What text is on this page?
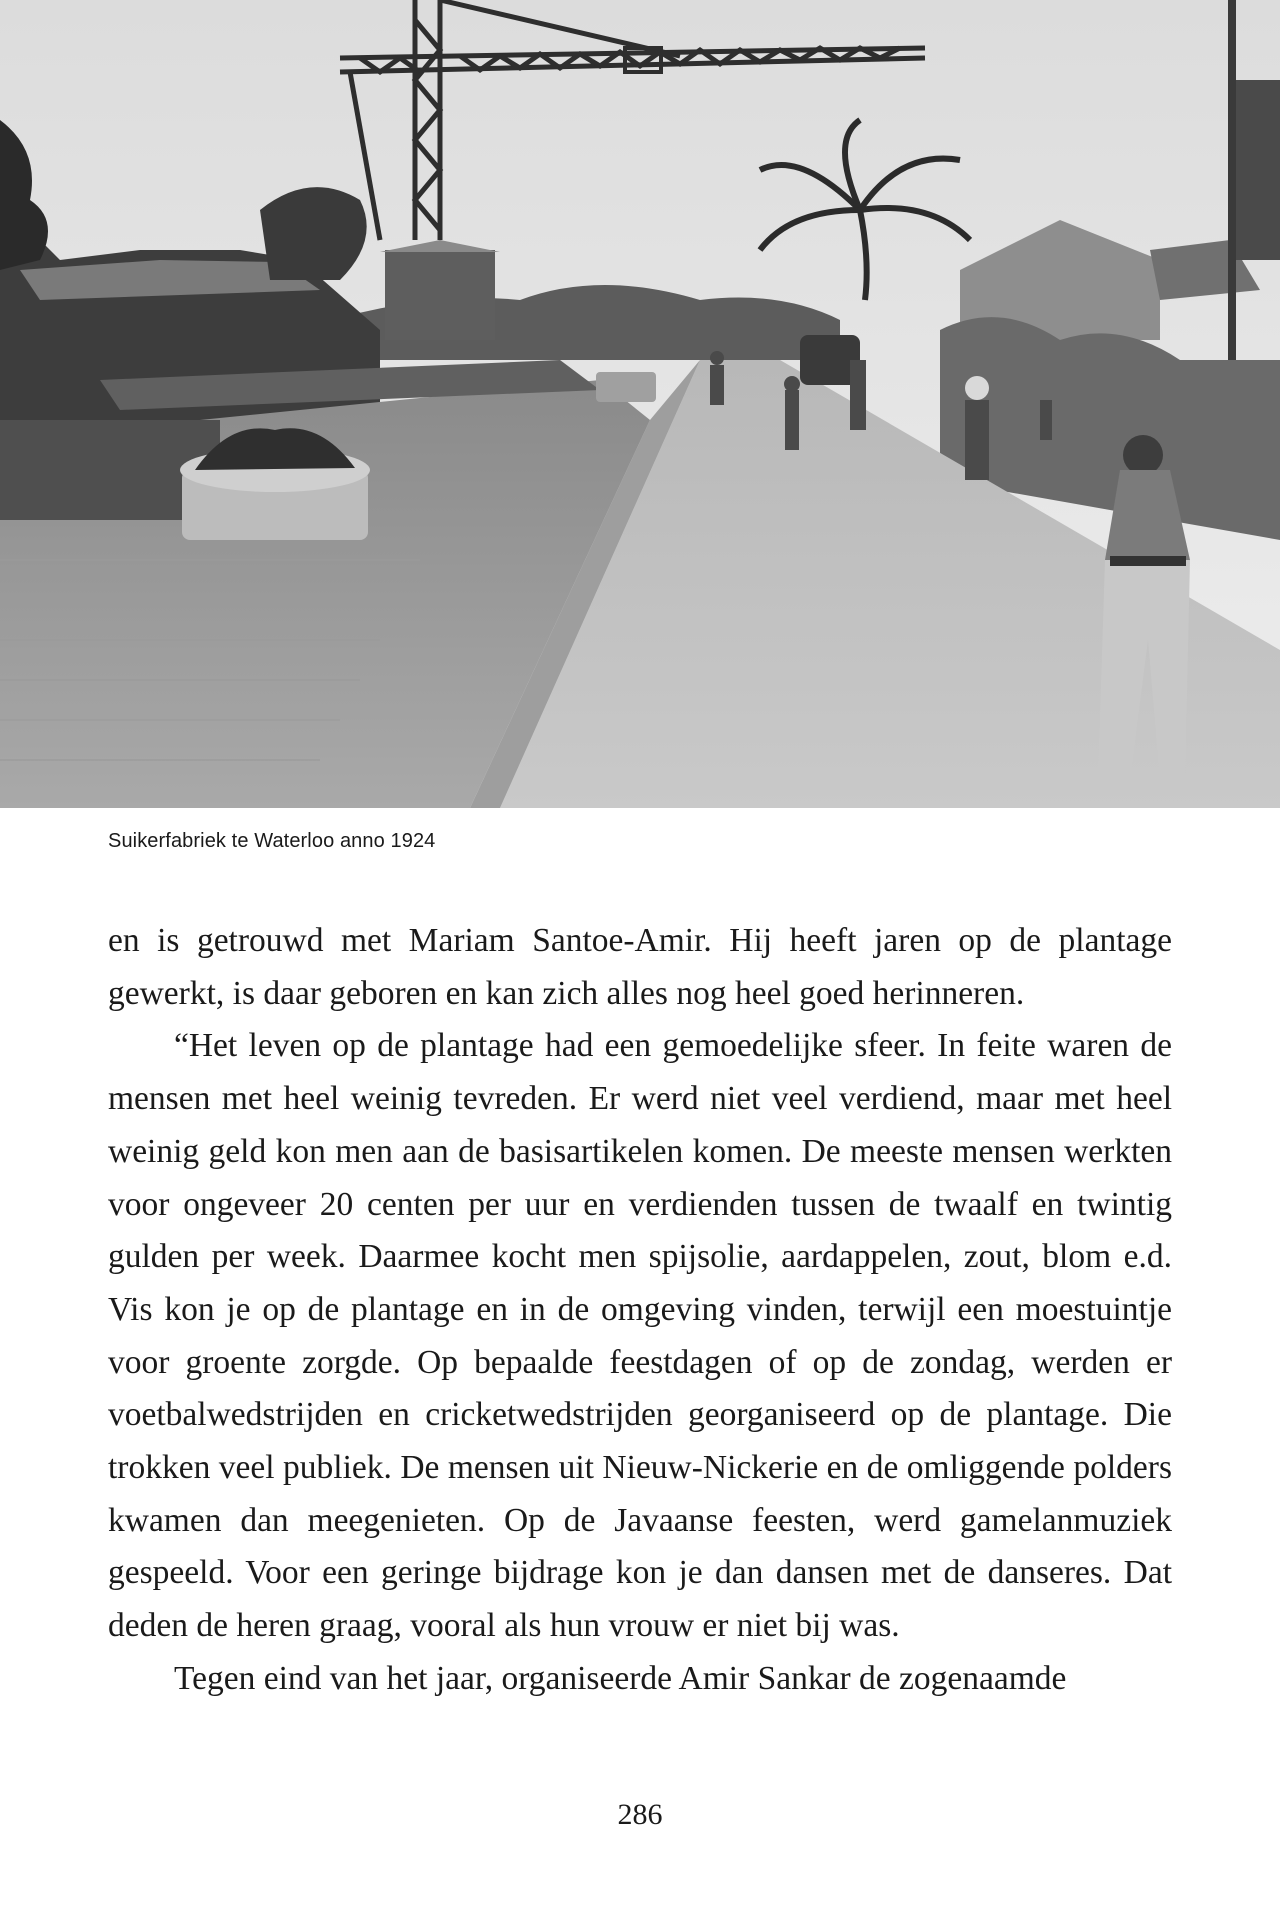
Suikerfabriek te Waterloo anno 1924

en is getrouwd met Mariam Santoe-Amir. Hij heeft jaren op de plantage gewerkt, is daar geboren en kan zich alles nog heel goed herinneren.

“Het leven op de plantage had een gemoedelijke sfeer. In feite waren de mensen met heel weinig tevreden. Er werd niet veel verdiend, maar met heel weinig geld kon men aan de basisartikelen komen. De meeste mensen werkten voor ongeveer 20 centen per uur en verdienden tussen de twaalf en twintig gulden per week. Daarmee kocht men spijsolie, aardappelen, zout, blom e.d. Vis kon je op de plantage en in de omgeving vinden, terwijl een moestuintje voor groente zorgde. Op bepaalde feestdagen of op de zondag, werden er voetbalwedstrijden en cricketwedstrijden georganiseerd op de plantage. Die trokken veel publiek. De mensen uit Nieuw-Nickerie en de omliggende polders kwamen dan meegenieten. Op de Javaanse feesten, werd gamelanmuziek gespeeld. Voor een geringe bijdrage kon je dan dansen met de danseres. Dat deden de heren graag, vooral als hun vrouw er niet bij was.

Tegen eind van het jaar, organiseerde Amir Sankar de zogenaamde

286
